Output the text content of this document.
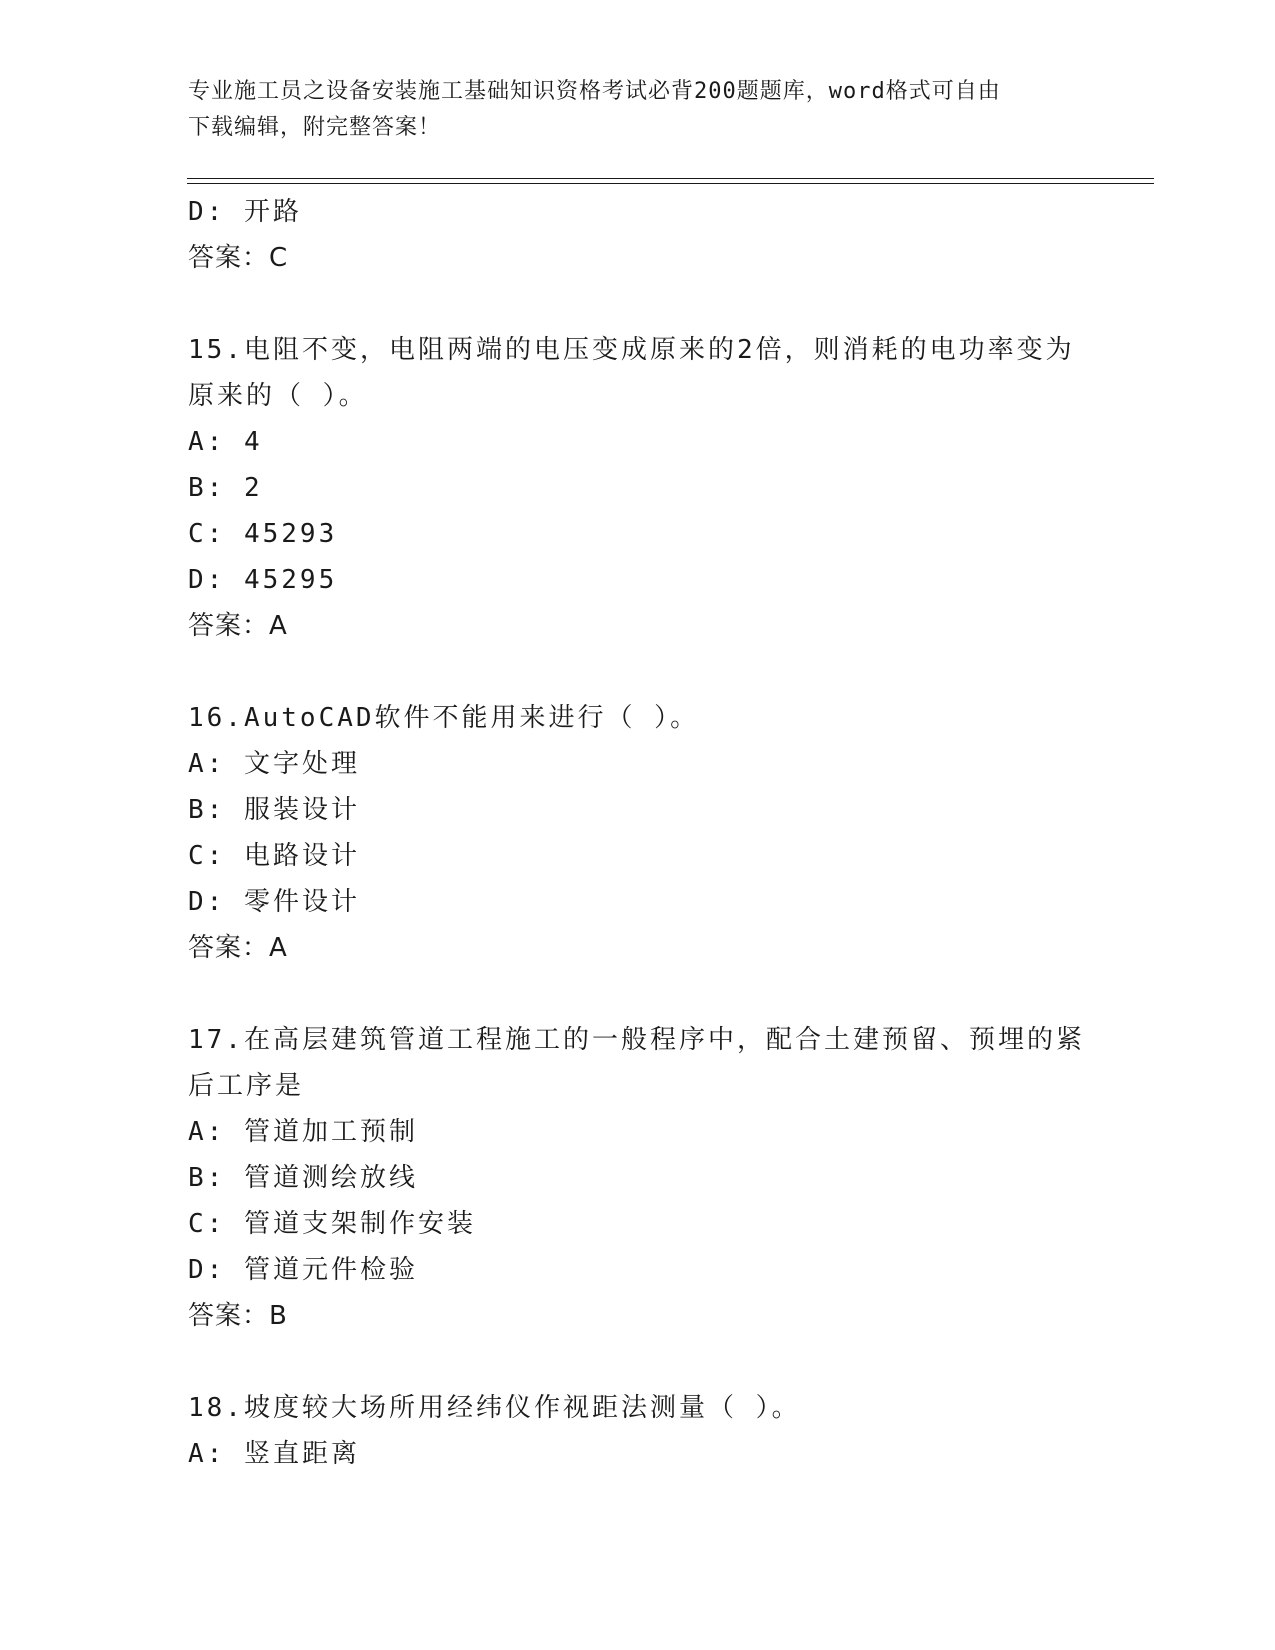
专业施工员之设备安装施工基础知识资格考试必背200题题库，word格式可自由
下载编辑，附完整答案！
D: 开路
答案：C
15.电阻不变，电阻两端的电压变成原来的2倍，则消耗的电功率变为
原来的（ ）。
A: 4
B: 2
C: 45293
D: 45295
答案：A
16.AutoCAD软件不能用来进行（ ）。
A: 文字处理
B: 服装设计
C: 电路设计
D: 零件设计
答案：A
17.在高层建筑管道工程施工的一般程序中，配合土建预留、预埋的紧
后工序是
A: 管道加工预制
B: 管道测绘放线
C: 管道支架制作安装
D: 管道元件检验
答案：B
18.坡度较大场所用经纬仪作视距法测量（ ）。
A: 竖直距离
